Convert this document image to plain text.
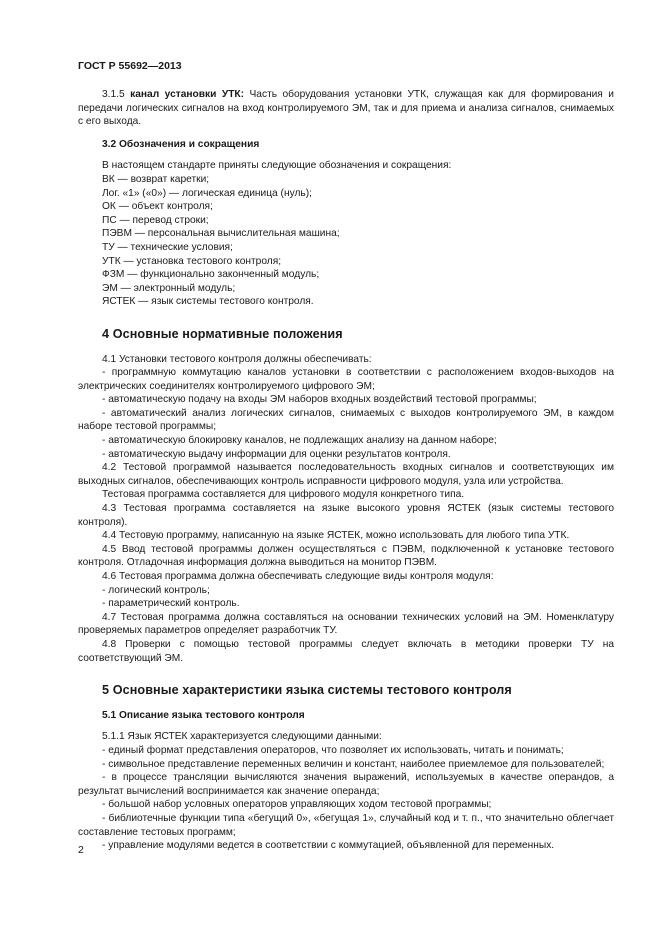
ГОСТ Р 55692—2013

3.1.5 канал установки УТК: Часть оборудования установки УТК, служащая как для формирования и передачи логических сигналов на вход контролируемого ЭМ, так и для приема и анализа сигналов, снимаемых с его выхода.

3.2 Обозначения и сокращения

В настоящем стандарте приняты следующие обозначения и сокращения:

ВК — возврат каретки;
Лог. «1» («0») — логическая единица (нуль);
ОК — объект контроля;
ПС — перевод строки;
ПЭВМ — персональная вычислительная машина;
ТУ — технические условия;
УТК — установка тестового контроля;
ФЗМ — функционально законченный модуль;
ЭМ — электронный модуль;
ЯСТЕК — язык системы тестового контроля.
4 Основные нормативные положения

4.1 Установки тестового контроля должны обеспечивать:

- программную коммутацию каналов установки в соответствии с расположением входов-выходов на электрических соединителях контролируемого цифрового ЭМ;

- автоматическую подачу на входы ЭМ наборов входных воздействий тестовой программы;

- автоматический анализ логических сигналов, снимаемых с выходов контролируемого ЭМ, в каждом наборе тестовой программы;

- автоматическую блокировку каналов, не подлежащих анализу на данном наборе;

- автоматическую выдачу информации для оценки результатов контроля.

4.2 Тестовой программой называется последовательность входных сигналов и соответствующих им выходных сигналов, обеспечивающих контроль исправности цифрового модуля, узла или устройства.

Тестовая программа составляется для цифрового модуля конкретного типа.

4.3 Тестовая программа составляется на языке высокого уровня ЯСТЕК (язык системы тестового контроля).

4.4 Тестовую программу, написанную на языке ЯСТЕК, можно использовать для любого типа УТК.

4.5 Ввод тестовой программы должен осуществляться с ПЭВМ, подключенной к установке тестового контроля. Отладочная информация должна выводиться на монитор ПЭВМ.

4.6 Тестовая программа должна обеспечивать следующие виды контроля модуля:

- логический контроль;

- параметрический контроль.

4.7 Тестовая программа должна составляться на основании технических условий на ЭМ. Номенклатуру проверяемых параметров определяет разработчик ТУ.

4.8 Проверки с помощью тестовой программы следует включать в методики проверки ТУ на соответствующий ЭМ.

5 Основные характеристики языка системы тестового контроля
5.1 Описание языка тестового контроля

5.1.1 Язык ЯСТЕК характеризуется следующими данными:

- единый формат представления операторов, что позволяет их использовать, читать и понимать;

- символьное представление переменных величин и констант, наиболее приемлемое для пользователей;

- в процессе трансляции вычисляются значения выражений, используемых в качестве операндов, а результат вычислений воспринимается как значение операнда;

- большой набор условных операторов управляющих ходом тестовой программы;

- библиотечные функции типа «бегущий 0», «бегущая 1», случайный код и т. п., что значительно облегчает составление тестовых программ;

- управление модулями ведется в соответствии с коммутацией, объявленной для переменных.

2
